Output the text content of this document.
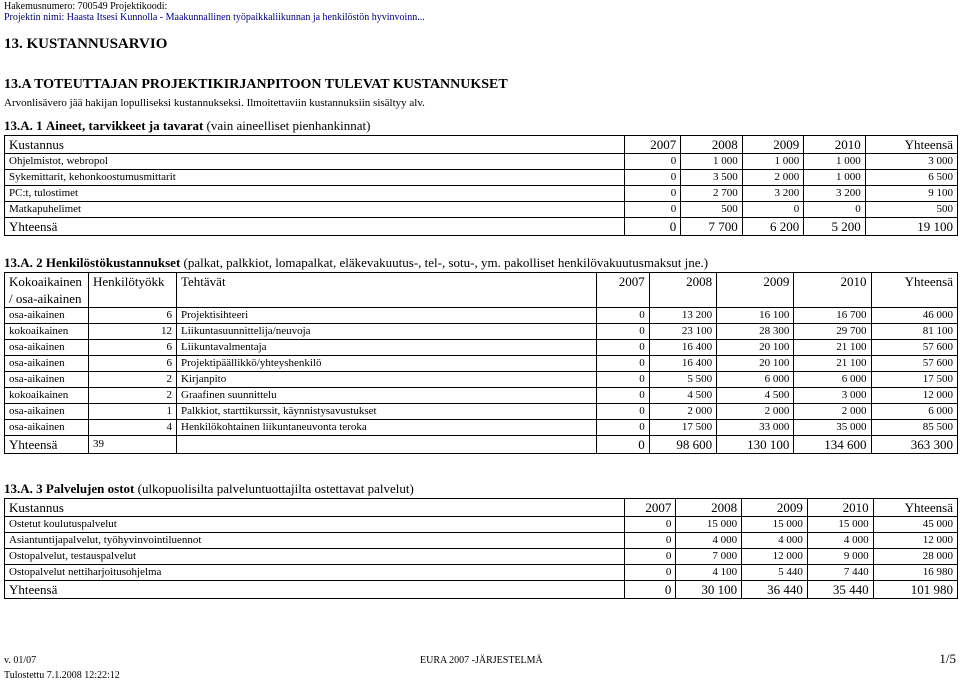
Hakemusnumero: 700549 Projektikoodi:
Projektin nimi: Haasta Itsesi Kunnolla - Maakunnallinen työpaikkaliikunnan ja henkilöstön hyvinvoinn...
13. KUSTANNUSARVIO
13.A TOTEUTTAJAN PROJEKTIKIRJANPITOON TULEVAT KUSTANNUKSET
Arvonlisävero jää hakijan lopulliseksi kustannukseksi. Ilmoitettaviin kustannuksiin sisältyy alv.
13.A. 1 Aineet, tarvikkeet ja tavarat (vain aineelliset pienhankinnat)
Kustannus	2007	2008	2009	2010	Yhteensä
Ohjelmistot, webropol	0	1 000	1 000	1 000	3 000
Sykemittarit, kehonkoostumusmittarit	0	3 500	2 000	1 000	6 500
PC:t, tulostimet	0	2 700	3 200	3 200	9 100
Matkapuhelimet	0	500	0	0	500
Yhteensä	0	7 700	6 200	5 200	19 100
13.A. 2 Henkilöstökustannukset (palkat, palkkiot, lomapalkat, eläkevakuutus-, tel-, sotu-, ym. pakolliset henkilövakuutusmaksut jne.)
Kokoaikainen
/ osa-aikainen	Henkilötyökk	Tehtävät	2007	2008	2009	2010	Yhteensä
osa-aikainen	6	Projektisihteeri	0	13 200	16 100	16 700	46 000
kokoaikainen	12	Liikuntasuunnittelija/neuvoja	0	23 100	28 300	29 700	81 100
osa-aikainen	6	Liikuntavalmentaja	0	16 400	20 100	21 100	57 600
osa-aikainen	6	Projektipäällikkö/yhteyshenkilö	0	16 400	20 100	21 100	57 600
osa-aikainen	2	Kirjanpito	0	5 500	6 000	6 000	17 500
kokoaikainen	2	Graafinen suunnittelu	0	4 500	4 500	3 000	12 000
osa-aikainen	1	Palkkiot, starttikurssit, käynnistysavustukset	0	2 000	2 000	2 000	6 000
osa-aikainen	4	Henkilökohtainen liikuntaneuvonta teroka	0	17 500	33 000	35 000	85 500
Yhteensä	39		0	98 600	130 100	134 600	363 300
13.A. 3 Palvelujen ostot (ulkopuolisilta palveluntuottajilta ostettavat palvelut)
Kustannus	2007	2008	2009	2010	Yhteensä
Ostetut koulutuspalvelut	0	15 000	15 000	15 000	45 000
Asiantuntijapalvelut, työhyvinvointiluennot	0	4 000	4 000	4 000	12 000
Ostopalvelut, testauspalvelut	0	7 000	12 000	9 000	28 000
Ostopalvelut nettiharjoitusohjelma	0	4 100	5 440	7 440	16 980
Yhteensä	0	30 100	36 440	35 440	101 980
v. 01/07	EURA 2007 -JÄRJESTELMÄ	1/5
Tulostettu 7.1.2008 12:22:12
